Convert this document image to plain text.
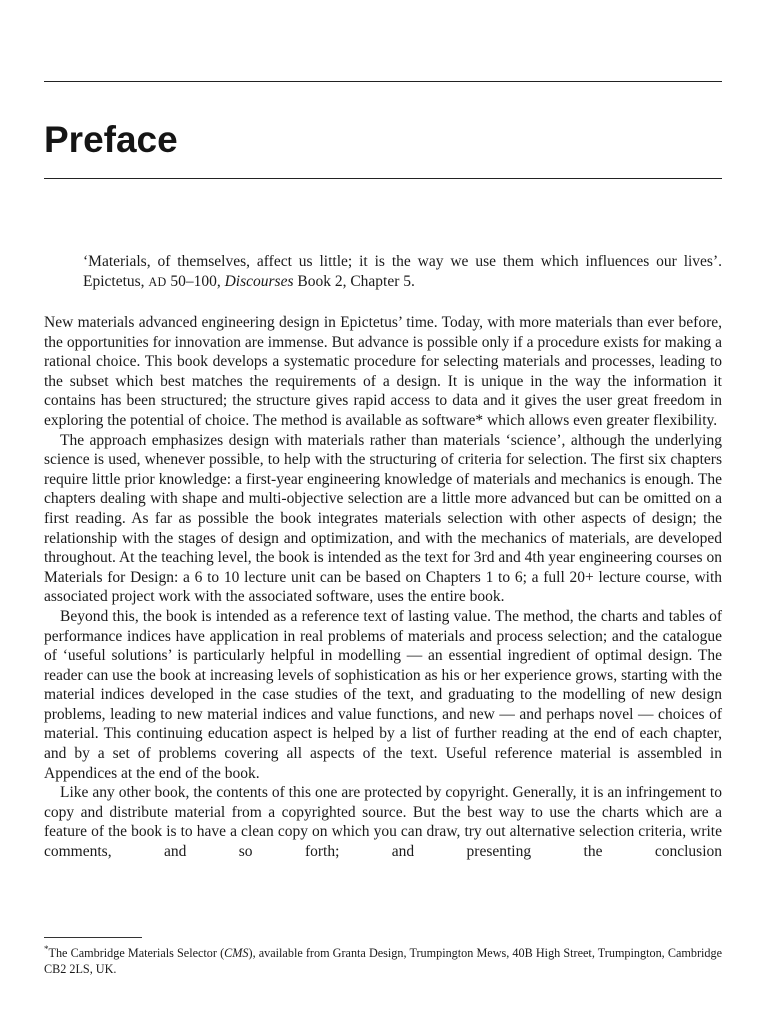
Preface

‘Materials, of themselves, affect us little; it is the way we use them which influences our lives’. Epictetus, AD 50–100, Discourses Book 2, Chapter 5.

New materials advanced engineering design in Epictetus’ time. Today, with more materials than ever before, the opportunities for innovation are immense. But advance is possible only if a procedure exists for making a rational choice. This book develops a systematic procedure for selecting materials and processes, leading to the subset which best matches the requirements of a design. It is unique in the way the information it contains has been structured; the structure gives rapid access to data and it gives the user great freedom in exploring the potential of choice. The method is available as software* which allows even greater flexibility.

The approach emphasizes design with materials rather than materials ‘science’, although the underlying science is used, whenever possible, to help with the structuring of criteria for selection. The first six chapters require little prior knowledge: a first-year engineering knowledge of materials and mechanics is enough. The chapters dealing with shape and multi-objective selection are a little more advanced but can be omitted on a first reading. As far as possible the book integrates materials selection with other aspects of design; the relationship with the stages of design and optimization, and with the mechanics of materials, are developed throughout. At the teaching level, the book is intended as the text for 3rd and 4th year engineering courses on Materials for Design: a 6 to 10 lecture unit can be based on Chapters 1 to 6; a full 20+ lecture course, with associated project work with the associated software, uses the entire book.

Beyond this, the book is intended as a reference text of lasting value. The method, the charts and tables of performance indices have application in real problems of materials and process selection; and the catalogue of ‘useful solutions’ is particularly helpful in modelling — an essential ingredient of optimal design. The reader can use the book at increasing levels of sophistication as his or her experience grows, starting with the material indices developed in the case studies of the text, and graduating to the modelling of new design problems, leading to new material indices and value functions, and new — and perhaps novel — choices of material. This continuing education aspect is helped by a list of further reading at the end of each chapter, and by a set of problems covering all aspects of the text. Useful reference material is assembled in Appendices at the end of the book.

Like any other book, the contents of this one are protected by copyright. Generally, it is an infringement to copy and distribute material from a copyrighted source. But the best way to use the charts which are a feature of the book is to have a clean copy on which you can draw, try out alternative selection criteria, write comments, and so forth; and presenting the conclusion

*The Cambridge Materials Selector (CMS), available from Granta Design, Trumpington Mews, 40B High Street, Trumpington, Cambridge CB2 2LS, UK.
